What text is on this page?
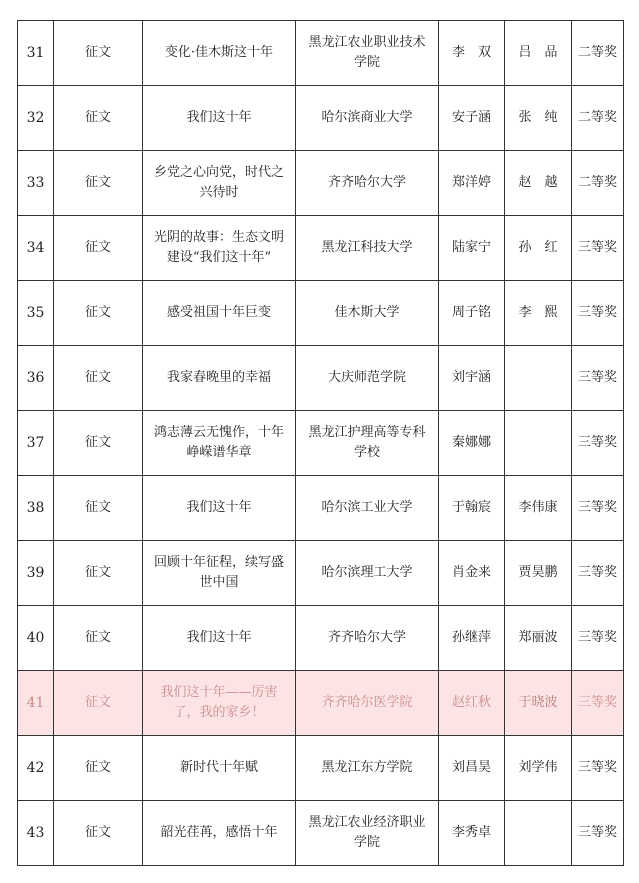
31	征文	变化·佳木斯这十年	黑龙江农业职业技术学院	李　双	吕　品	二等奖
32	征文	我们这十年	哈尔滨商业大学	安子涵	张　纯	二等奖
33	征文	乡党之心向党，时代之兴待时	齐齐哈尔大学	郑洋婷	赵　越	二等奖
34	征文	光阴的故事：生态文明建设“我们这十年”	黑龙江科技大学	陆家宁	孙　红	三等奖
35	征文	感受祖国十年巨变	佳木斯大学	周子铭	李　熙	三等奖
36	征文	我家春晚里的幸福	大庆师范学院	刘宇涵		三等奖
37	征文	鸿志薄云无愧作，十年峥嵘谱华章	黑龙江护理高等专科学校	秦娜娜		三等奖
38	征文	我们这十年	哈尔滨工业大学	于翰宸	李伟康	三等奖
39	征文	回顾十年征程，续写盛世中国	哈尔滨理工大学	肖金来	贾昊鹏	三等奖
40	征文	我们这十年	齐齐哈尔大学	孙继萍	郑丽波	三等奖
41	征文	我们这十年——厉害了，我的家乡！	齐齐哈尔医学院	赵红秋	于晓波	三等奖
42	征文	新时代十年赋	黑龙江东方学院	刘昌昊	刘学伟	三等奖
43	征文	韶光荏苒，感悟十年	黑龙江农业经济职业学院	李秀卓		三等奖
